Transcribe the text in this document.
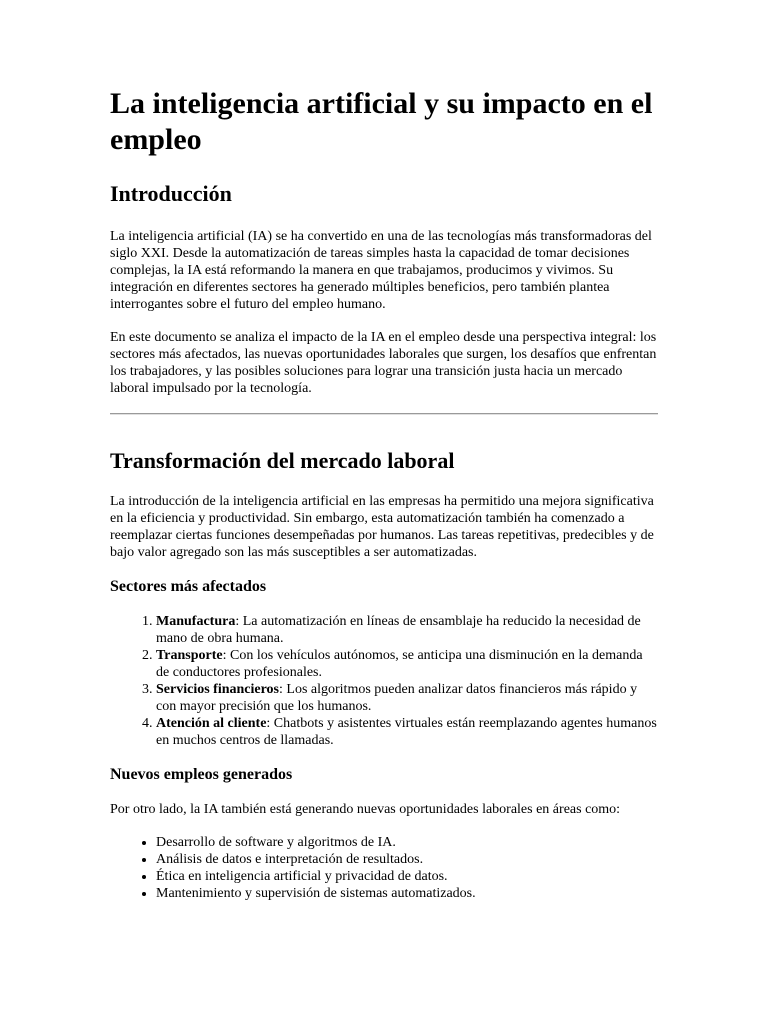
La inteligencia artificial y su impacto en el empleo
Introducción

La inteligencia artificial (IA) se ha convertido en una de las tecnologías más transformadoras del siglo XXI. Desde la automatización de tareas simples hasta la capacidad de tomar decisiones complejas, la IA está reformando la manera en que trabajamos, producimos y vivimos. Su integración en diferentes sectores ha generado múltiples beneficios, pero también plantea interrogantes sobre el futuro del empleo humano.

En este documento se analiza el impacto de la IA en el empleo desde una perspectiva integral: los sectores más afectados, las nuevas oportunidades laborales que surgen, los desafíos que enfrentan los trabajadores, y las posibles soluciones para lograr una transición justa hacia un mercado laboral impulsado por la tecnología.

Transformación del mercado laboral

La introducción de la inteligencia artificial en las empresas ha permitido una mejora significativa en la eficiencia y productividad. Sin embargo, esta automatización también ha comenzado a reemplazar ciertas funciones desempeñadas por humanos. Las tareas repetitivas, predecibles y de bajo valor agregado son las más susceptibles a ser automatizadas.

Sectores más afectados
1. Manufactura: La automatización en líneas de ensamblaje ha reducido la necesidad de mano de obra humana.
2. Transporte: Con los vehículos autónomos, se anticipa una disminución en la demanda de conductores profesionales.
3. Servicios financieros: Los algoritmos pueden analizar datos financieros más rápido y con mayor precisión que los humanos.
4. Atención al cliente: Chatbots y asistentes virtuales están reemplazando agentes humanos en muchos centros de llamadas.
Nuevos empleos generados

Por otro lado, la IA también está generando nuevas oportunidades laborales en áreas como:

• Desarrollo de software y algoritmos de IA.
• Análisis de datos e interpretación de resultados.
• Ética en inteligencia artificial y privacidad de datos.
• Mantenimiento y supervisión de sistemas automatizados.
